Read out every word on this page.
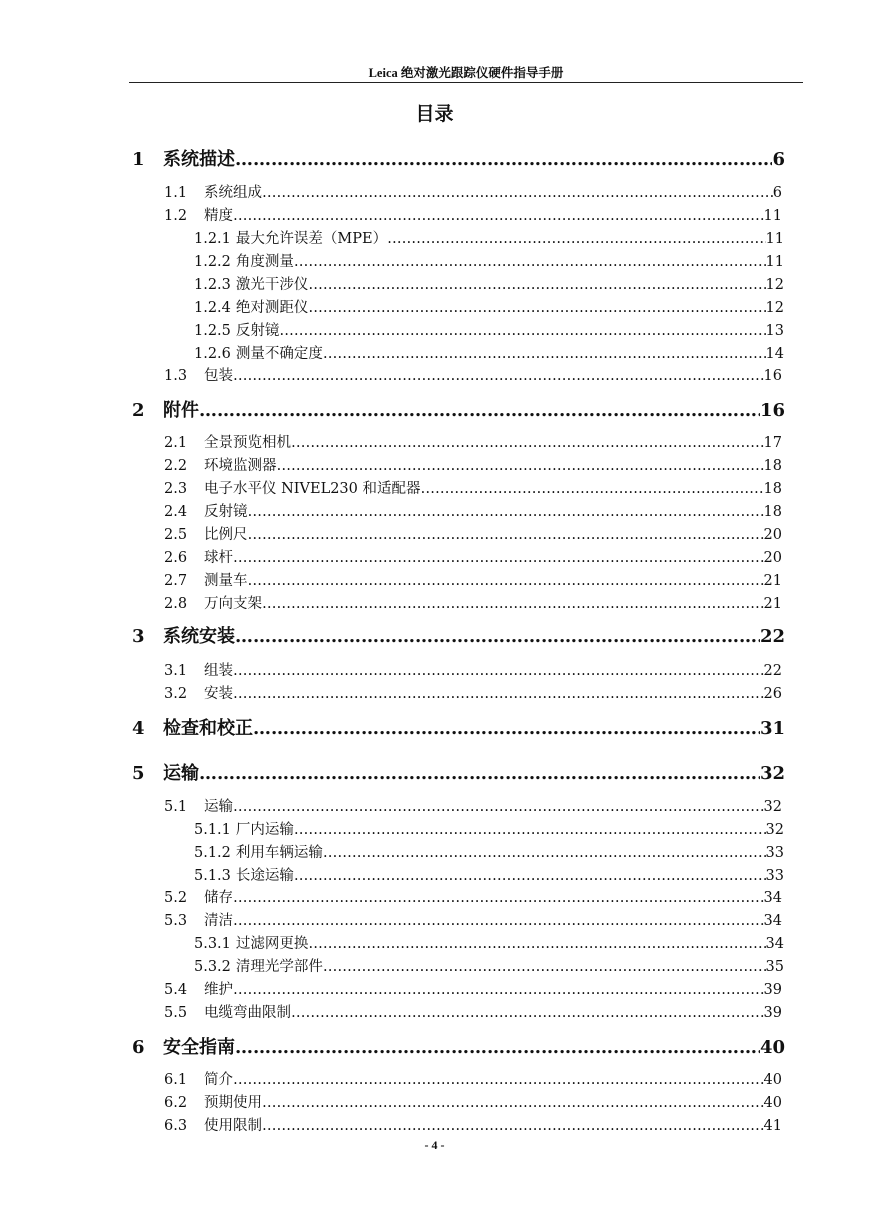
Leica 绝对激光跟踪仪硬件指导手册
目录
1	系统描述 ………………………………………………………………………………………………………………………………………………………………………………	6
1.1	系统组成 ………………………………………………………………………………………………………………………………………………………………………………	6
1.2	精度 ………………………………………………………………………………………………………………………………………………………………………………	11
1.2.1 最大允许误差（MPE） ………………………………………………………………………………………………………………………………………………………………………………	11
1.2.2 角度测量 ………………………………………………………………………………………………………………………………………………………………………………	11
1.2.3 激光干涉仪 ………………………………………………………………………………………………………………………………………………………………………………	12
1.2.4 绝对测距仪 ………………………………………………………………………………………………………………………………………………………………………………	12
1.2.5 反射镜 ………………………………………………………………………………………………………………………………………………………………………………	13
1.2.6 测量不确定度 ………………………………………………………………………………………………………………………………………………………………………………	14
1.3	包装 ………………………………………………………………………………………………………………………………………………………………………………	16
2	附件 ………………………………………………………………………………………………………………………………………………………………………………	16
2.1	全景预览相机 ………………………………………………………………………………………………………………………………………………………………………………	17
2.2	环境监测器 ………………………………………………………………………………………………………………………………………………………………………………	18
2.3	电子水平仪 NIVEL230 和适配器 ………………………………………………………………………………………………………………………………………………………………………………	18
2.4	反射镜 ………………………………………………………………………………………………………………………………………………………………………………	18
2.5	比例尺 ………………………………………………………………………………………………………………………………………………………………………………	20
2.6	球杆 ………………………………………………………………………………………………………………………………………………………………………………	20
2.7	测量车 ………………………………………………………………………………………………………………………………………………………………………………	21
2.8	万向支架 ………………………………………………………………………………………………………………………………………………………………………………	21
3	系统安装 ………………………………………………………………………………………………………………………………………………………………………………	22
3.1	组装 ………………………………………………………………………………………………………………………………………………………………………………	22
3.2	安装 ………………………………………………………………………………………………………………………………………………………………………………	26
4	检查和校正 ………………………………………………………………………………………………………………………………………………………………………………	31
5	运输 ………………………………………………………………………………………………………………………………………………………………………………	32
5.1	运输 ………………………………………………………………………………………………………………………………………………………………………………	32
5.1.1 厂内运输 ………………………………………………………………………………………………………………………………………………………………………………	32
5.1.2 利用车辆运输 ………………………………………………………………………………………………………………………………………………………………………………	33
5.1.3 长途运输 ………………………………………………………………………………………………………………………………………………………………………………	33
5.2	储存 ………………………………………………………………………………………………………………………………………………………………………………	34
5.3	清洁 ………………………………………………………………………………………………………………………………………………………………………………	34
5.3.1 过滤网更换 ………………………………………………………………………………………………………………………………………………………………………………	34
5.3.2 清理光学部件 ………………………………………………………………………………………………………………………………………………………………………………	35
5.4	维护 ………………………………………………………………………………………………………………………………………………………………………………	39
5.5	电缆弯曲限制 ………………………………………………………………………………………………………………………………………………………………………………	39
6	安全指南 ………………………………………………………………………………………………………………………………………………………………………………	40
6.1	简介 ………………………………………………………………………………………………………………………………………………………………………………	40
6.2	预期使用 ………………………………………………………………………………………………………………………………………………………………………………	40
6.3	使用限制 ………………………………………………………………………………………………………………………………………………………………………………	41
- 4 -
